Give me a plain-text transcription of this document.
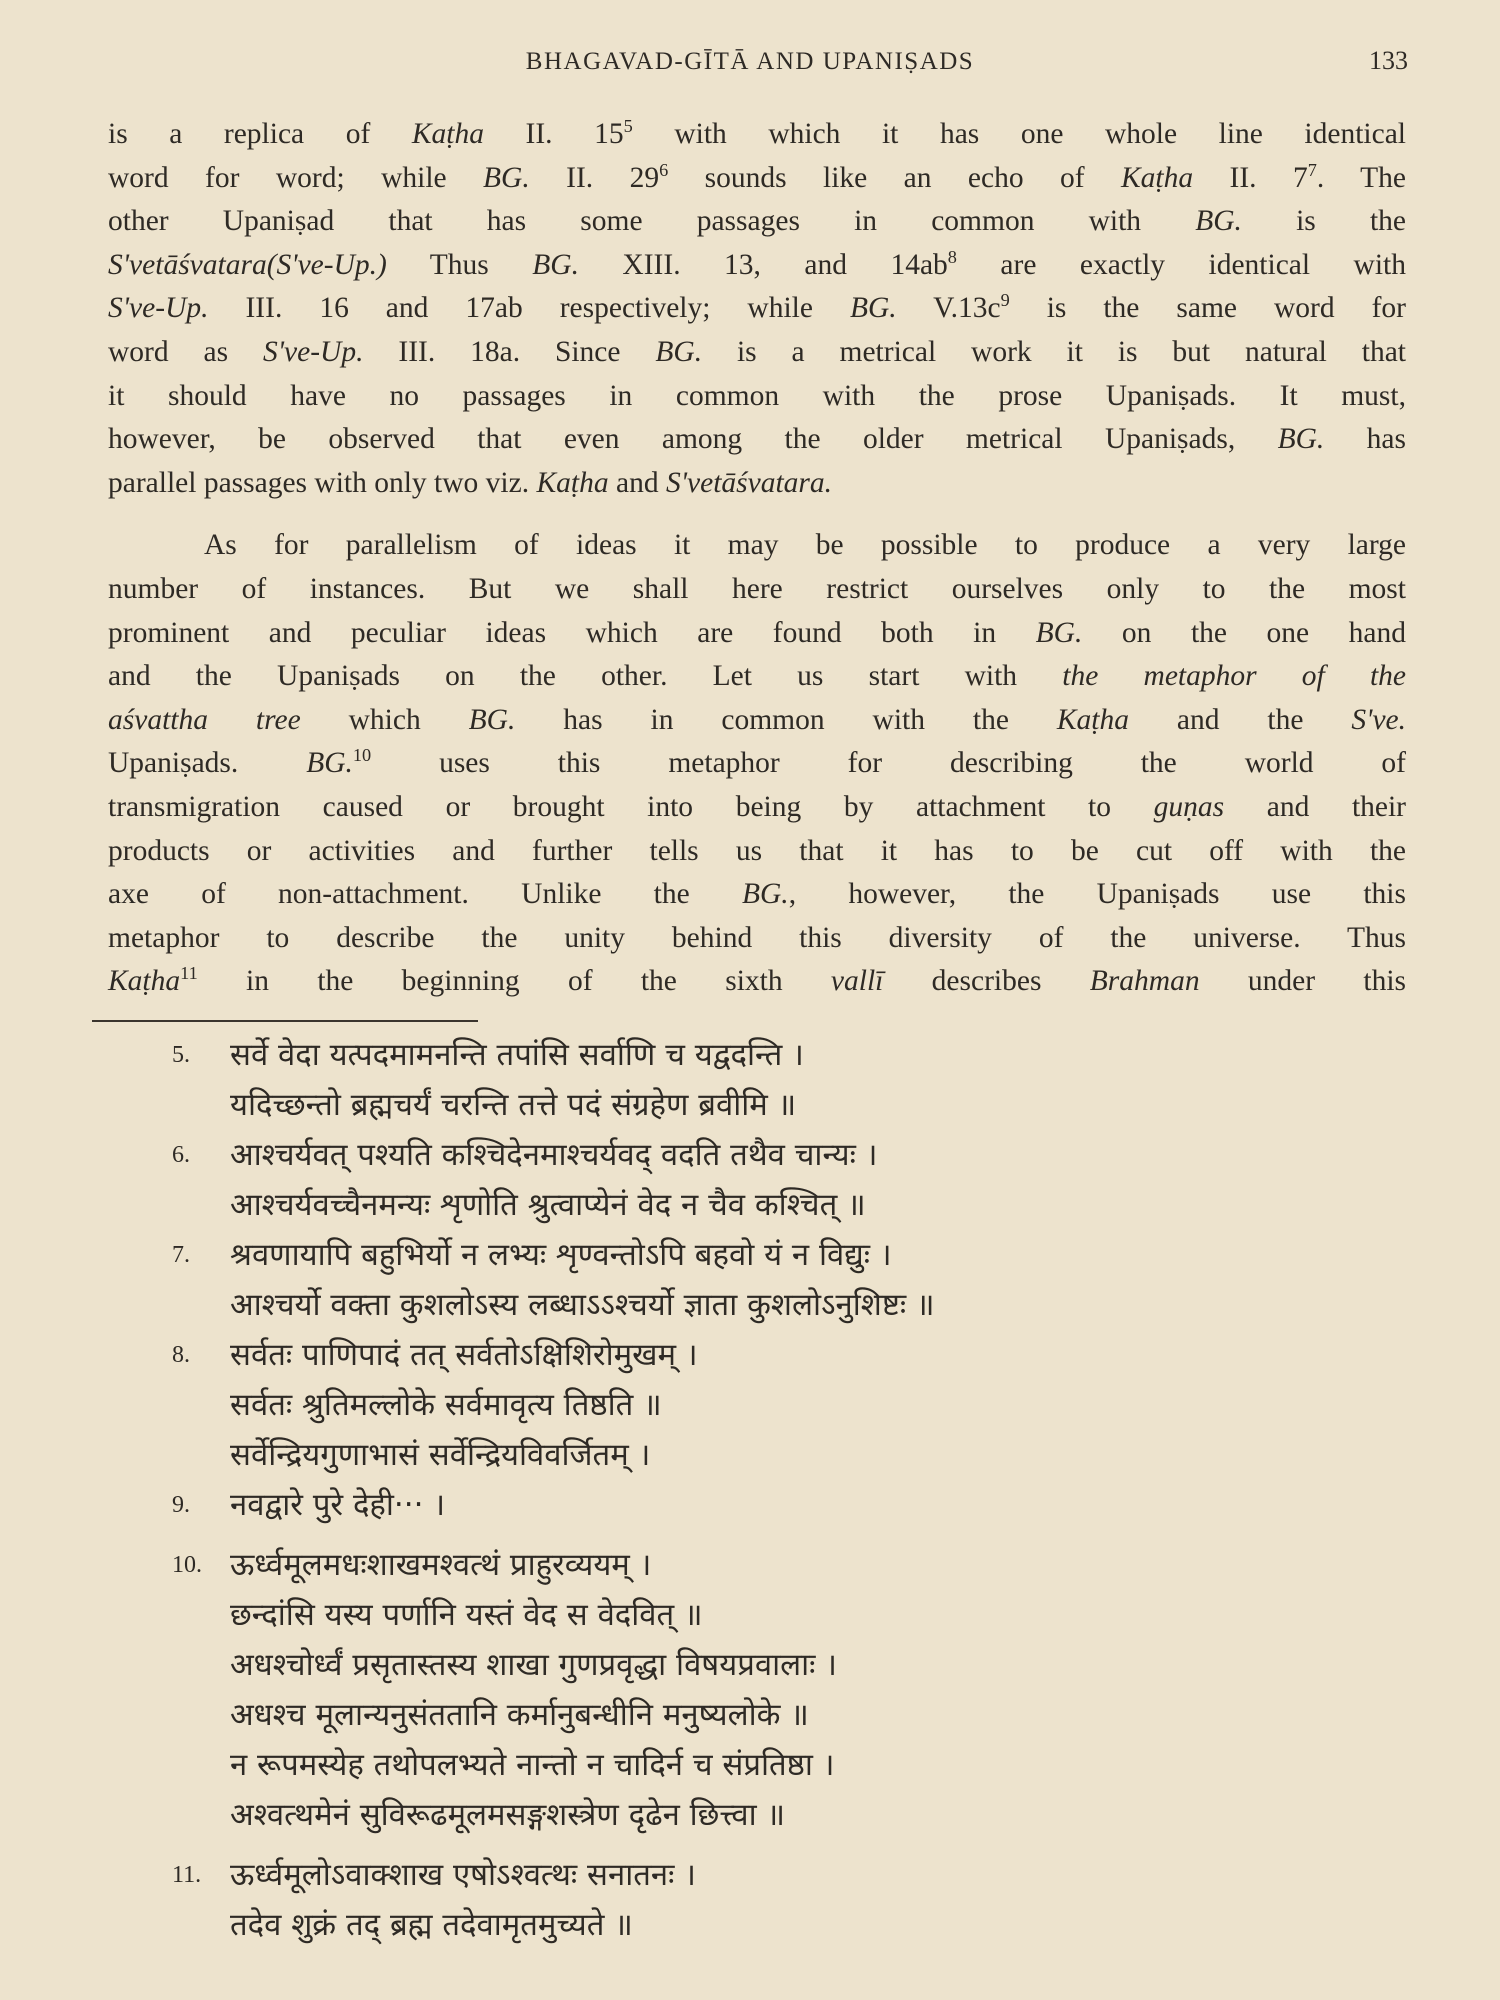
BHAGAVAD-GĪTĀ AND UPANIṢADS	133
is a replica of Kaṭha II. $15^5$ with which it has one whole line identical
word for word; while BG. II. $29^6$ sounds like an echo of Kaṭha II. $7^7$. The
other Upaniṣad that has some passages in common with BG. is the
S'vetāśvatara(S've-Up.) Thus BG. XIII. 13, and $14ab^8$ are exactly identical with
S've-Up. III. 16 and 17ab respectively; while BG. $V.13c^9$ is the same word for
word as S've-Up. III. 18a. Since BG. is a metrical work it is but natural that
it should have no passages in common with the prose Upaniṣads. It must,
however, be observed that even among the older metrical Upaniṣads, BG. has
parallel passages with only two viz. Kaṭha and S'vetāśvatara.
As for parallelism of ideas it may be possible to produce a very large
number of instances. But we shall here restrict ourselves only to the most
prominent and peculiar ideas which are found both in BG. on the one hand
and the Upaniṣads on the other. Let us start with the metaphor of the
aśvattha tree which BG. has in common with the Kaṭha and the S've.
Upaniṣads. BG.$^{10}$ uses this metaphor for describing the world of
transmigration caused or brought into being by attachment to guṇas and their
products or activities and further tells us that it has to be cut off with the
axe of non-attachment. Unlike the BG., however, the Upaniṣads use this
metaphor to describe the unity behind this diversity of the universe. Thus
Kaṭha$^{11}$ in the beginning of the sixth vallī describes Brahman under this
5.	सर्वे वेदा यत्पदमामनन्ति तपांसि सर्वाणि च यद्वदन्ति ।
यदिच्छन्तो ब्रह्मचर्यं चरन्ति तत्ते पदं संग्रहेण ब्रवीमि ॥
6.	आश्चर्यवत् पश्यति कश्चिदेनमाश्चर्यवद् वदति तथैव चान्यः ।
आश्चर्यवच्चैनमन्यः शृणोति श्रुत्वाप्येनं वेद न चैव कश्चित् ॥
7.	श्रवणायापि बहुभिर्यो न लभ्यः शृण्वन्तोऽपि बहवो यं न विद्युः ।
आश्चर्यो वक्ता कुशलोऽस्य लब्धाऽऽश्चर्यो ज्ञाता कुशलोऽनुशिष्टः ॥
8.	सर्वतः पाणिपादं तत् सर्वतोऽक्षिशिरोमुखम् ।
सर्वतः श्रुतिमल्लोके सर्वमावृत्य तिष्ठति ॥
सर्वेन्द्रियगुणाभासं सर्वेन्द्रियविवर्जितम् ।
9.	नवद्वारे पुरे देही··· ।
10. ऊर्ध्वमूलमधःशाखमश्वत्थं प्राहुरव्ययम् ।
छन्दांसि यस्य पर्णानि यस्तं वेद स वेदवित् ॥
अधश्चोर्ध्वं प्रसृतास्तस्य शाखा गुणप्रवृद्धा विषयप्रवालाः ।
अधश्च मूलान्यनुसंततानि कर्मानुबन्धीनि मनुष्यलोके ॥
न रूपमस्येह तथोपलभ्यते नान्तो न चादिर्न च संप्रतिष्ठा ।
अश्वत्थमेनं सुविरूढमूलमसङ्गशस्त्रेण दृढेन छित्त्वा ॥
11. ऊर्ध्वमूलोऽवाक्शाख एषोऽश्वत्थः सनातनः ।
तदेव शुक्रं तद् ब्रह्म तदेवामृतमुच्यते ॥
